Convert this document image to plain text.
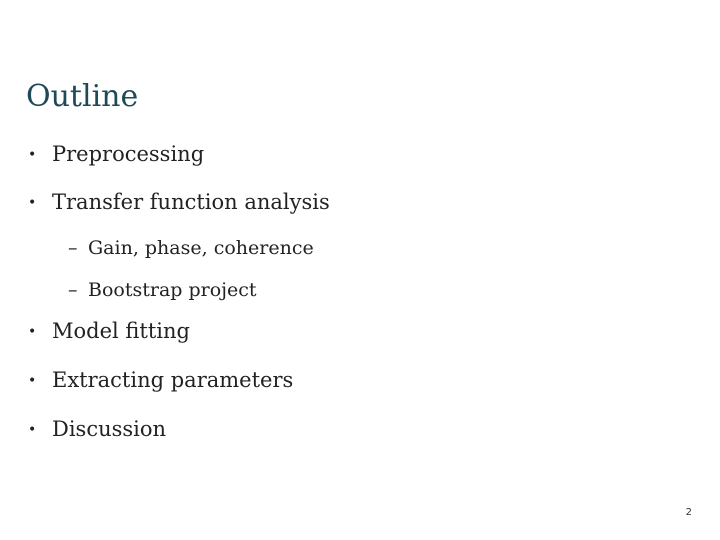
Outline
• Preprocessing
• Transfer function analysis
– Gain, phase, coherence
– Bootstrap project
• Model fitting
• Extracting parameters
• Discussion
2
